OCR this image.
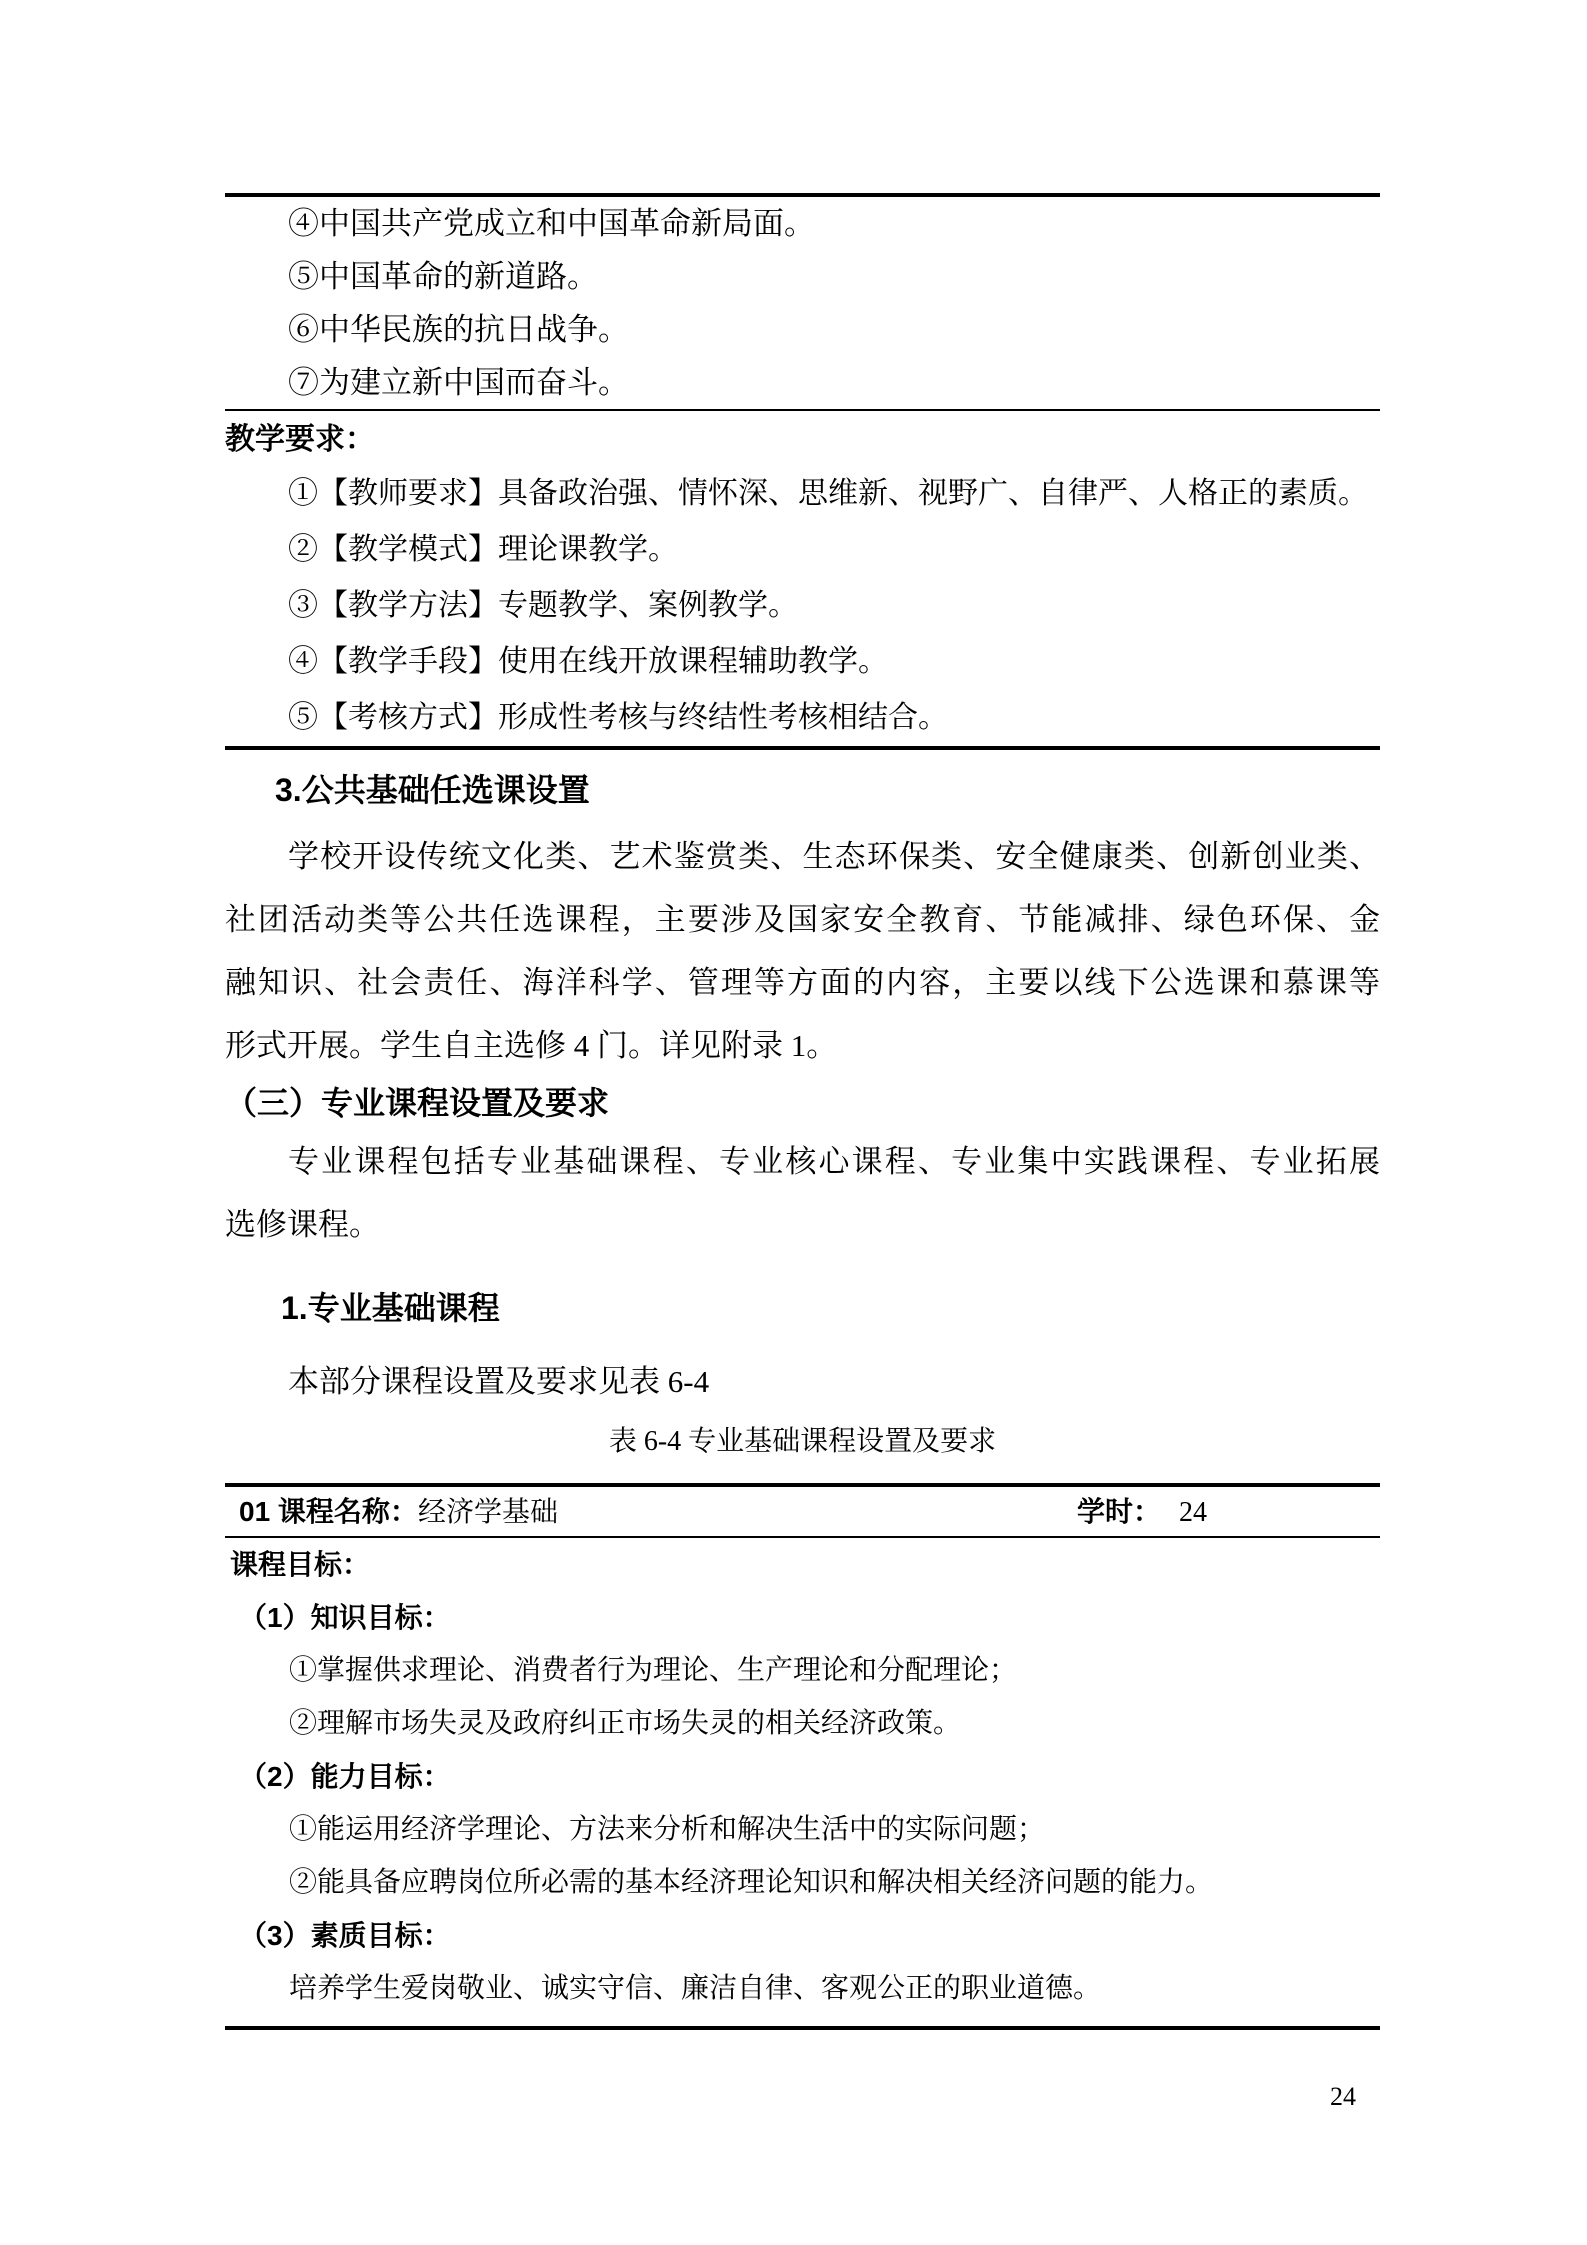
④中国共产党成立和中国革命新局面。
⑤中国革命的新道路。
⑥中华民族的抗日战争。
⑦为建立新中国而奋斗。
教学要求：
①【教师要求】具备政治强、情怀深、思维新、视野广、自律严、人格正的素质。
②【教学模式】理论课教学。
③【教学方法】专题教学、案例教学。
④【教学手段】使用在线开放课程辅助教学。
⑤【考核方式】形成性考核与终结性考核相结合。
3.公共基础任选课设置
学校开设传统文化类、艺术鉴赏类、生态环保类、安全健康类、创新创业类、
社团活动类等公共任选课程，主要涉及国家安全教育、节能减排、绿色环保、金
融知识、社会责任、海洋科学、管理等方面的内容，主要以线下公选课和慕课等
形式开展。学生自主选修 4 门。详见附录 1。
（三）专业课程设置及要求
专业课程包括专业基础课程、专业核心课程、专业集中实践课程、专业拓展
选修课程。
1.专业基础课程
本部分课程设置及要求见表 6-4
表 6-4 专业基础课程设置及要求
01 课程名称：经济学基础	学时： 24
课程目标：
（1）知识目标：
①掌握供求理论、消费者行为理论、生产理论和分配理论；
②理解市场失灵及政府纠正市场失灵的相关经济政策。
（2）能力目标：
①能运用经济学理论、方法来分析和解决生活中的实际问题；
②能具备应聘岗位所必需的基本经济理论知识和解决相关经济问题的能力。
（3）素质目标：
培养学生爱岗敬业、诚实守信、廉洁自律、客观公正的职业道德。
24
